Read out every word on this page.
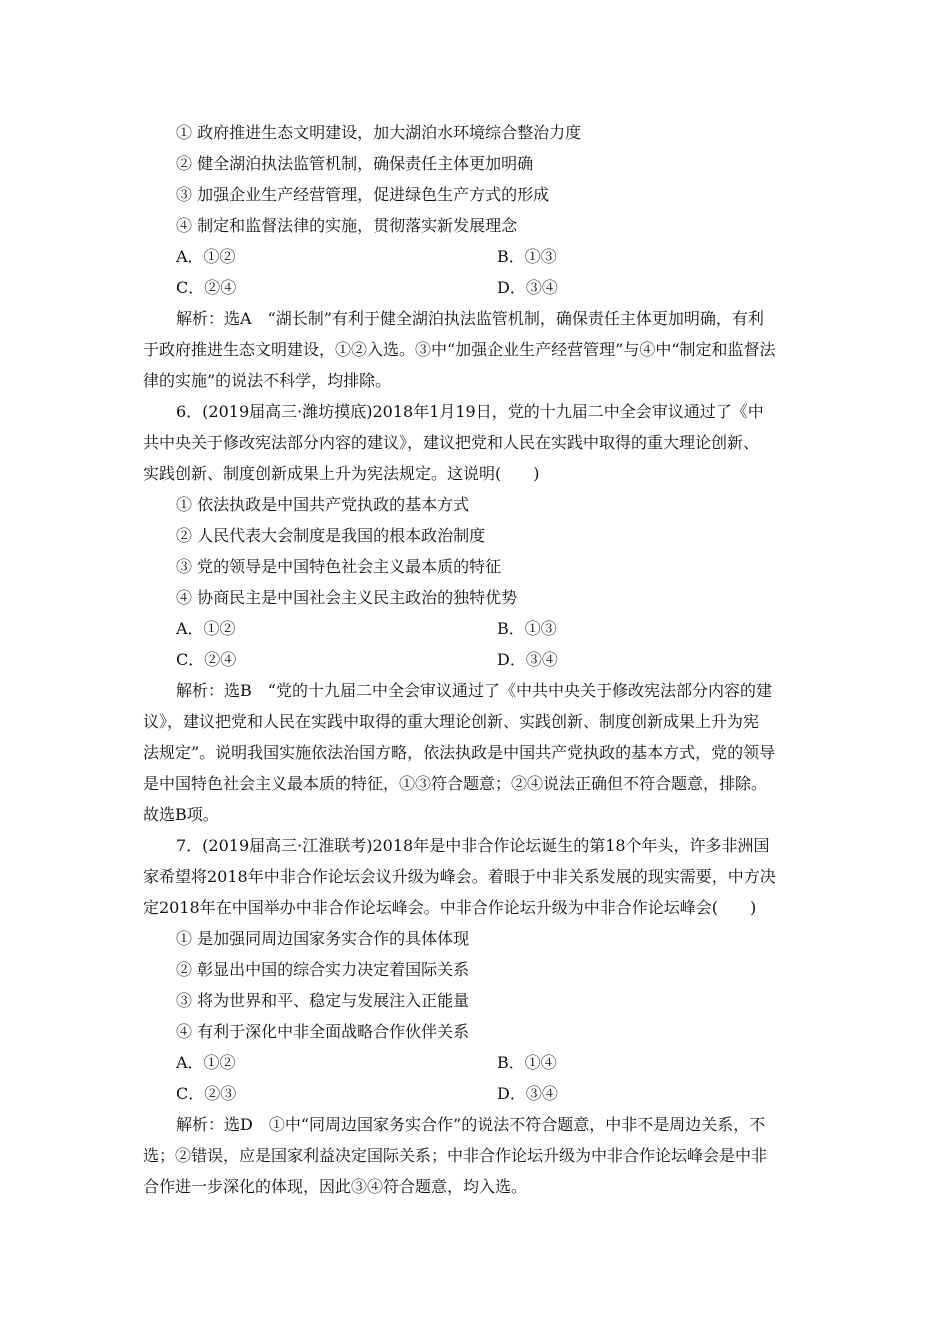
① 政府推进生态文明建设，加大湖泊水环境综合整治力度
② 健全湖泊执法监管机制，确保责任主体更加明确
③ 加强企业生产经营管理，促进绿色生产方式的形成
④ 制定和监督法律的实施，贯彻落实新发展理念
A．①②	B．①③
C．②④	D．③④
解析：选A　“湖长制”有利于健全湖泊执法监管机制，确保责任主体更加明确，有利
于政府推进生态文明建设，①②入选。③中“加强企业生产经营管理”与④中“制定和监督法
律的实施”的说法不科学，均排除。
6．(2019届高三·潍坊摸底)2018年1月19日，党的十九届二中全会审议通过了《中
共中央关于修改宪法部分内容的建议》，建议把党和人民在实践中取得的重大理论创新、
实践创新、制度创新成果上升为宪法规定。这说明(　　)
① 依法执政是中国共产党执政的基本方式
② 人民代表大会制度是我国的根本政治制度
③ 党的领导是中国特色社会主义最本质的特征
④ 协商民主是中国社会主义民主政治的独特优势
A．①②	B．①③
C．②④	D．③④
解析：选B　“党的十九届二中全会审议通过了《中共中央关于修改宪法部分内容的建
议》，建议把党和人民在实践中取得的重大理论创新、实践创新、制度创新成果上升为宪
法规定”。说明我国实施依法治国方略，依法执政是中国共产党执政的基本方式，党的领导
是中国特色社会主义最本质的特征，①③符合题意；②④说法正确但不符合题意，排除。
故选B项。
7．(2019届高三·江淮联考)2018年是中非合作论坛诞生的第18个年头，许多非洲国
家希望将2018年中非合作论坛会议升级为峰会。着眼于中非关系发展的现实需要，中方决
定2018年在中国举办中非合作论坛峰会。中非合作论坛升级为中非合作论坛峰会(　　)
① 是加强同周边国家务实合作的具体体现
② 彰显出中国的综合实力决定着国际关系
③ 将为世界和平、稳定与发展注入正能量
④ 有利于深化中非全面战略合作伙伴关系
A．①②	B．①④
C．②③	D．③④
解析：选D　①中“同周边国家务实合作”的说法不符合题意，中非不是周边关系，不
选；②错误，应是国家利益决定国际关系；中非合作论坛升级为中非合作论坛峰会是中非
合作进一步深化的体现，因此③④符合题意，均入选。
